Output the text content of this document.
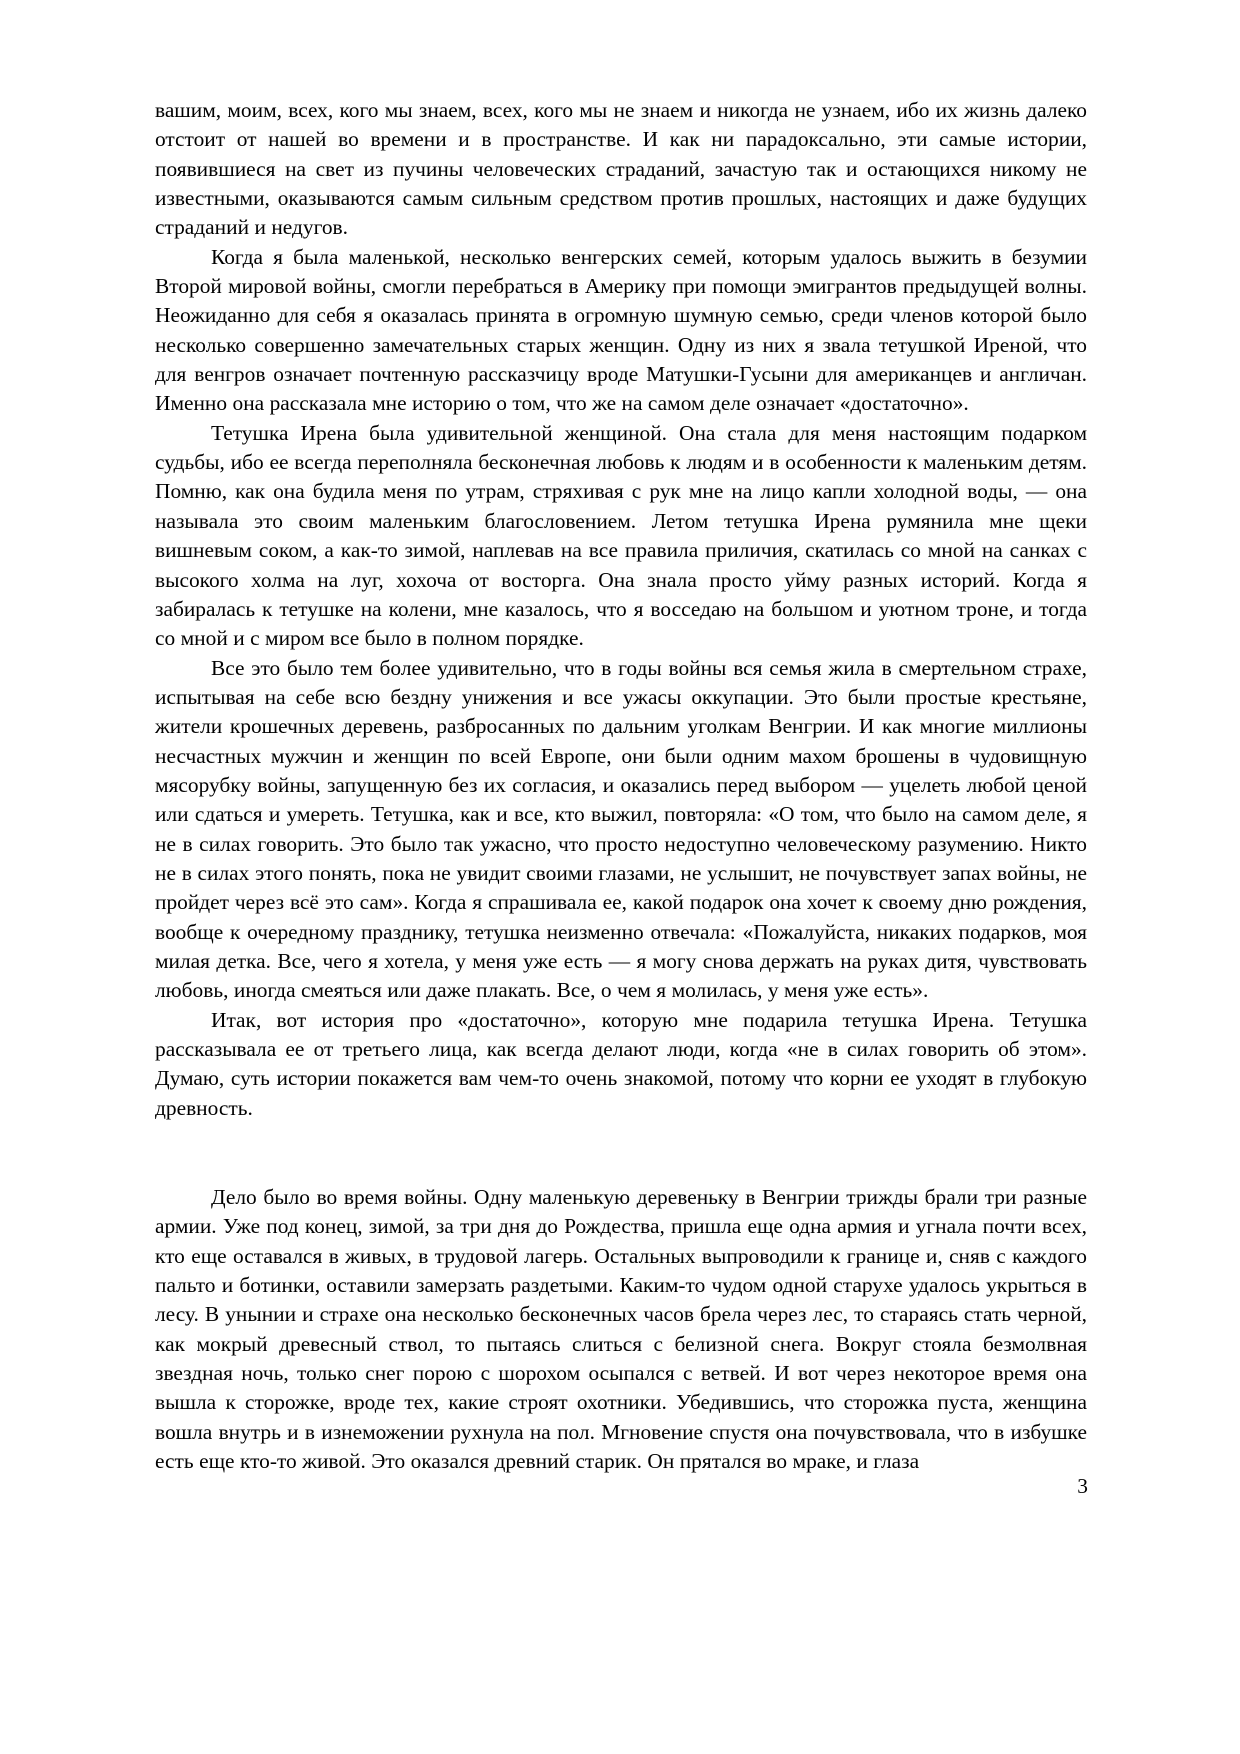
вашим, моим, всех, кого мы знаем, всех, кого мы не знаем и никогда не узнаем, ибо их жизнь далеко отстоит от нашей во времени и в пространстве. И как ни парадоксально, эти самые истории, появившиеся на свет из пучины человеческих страданий, зачастую так и остающихся никому не известными, оказываются самым сильным средством против прошлых, настоящих и даже будущих страданий и недугов.

Когда я была маленькой, несколько венгерских семей, которым удалось выжить в безумии Второй мировой войны, смогли перебраться в Америку при помощи эмигрантов предыдущей волны. Неожиданно для себя я оказалась принята в огромную шумную семью, среди членов которой было несколько совершенно замечательных старых женщин. Одну из них я звала тетушкой Иреной, что для венгров означает почтенную рассказчицу вроде Матушки-Гусыни для американцев и англичан. Именно она рассказала мне историю о том, что же на самом деле означает «достаточно».

Тетушка Ирена была удивительной женщиной. Она стала для меня настоящим подарком судьбы, ибо ее всегда переполняла бесконечная любовь к людям и в особенности к маленьким детям. Помню, как она будила меня по утрам, стряхивая с рук мне на лицо капли холодной воды, — она называла это своим маленьким благословением. Летом тетушка Ирена румянила мне щеки вишневым соком, а как-то зимой, наплевав на все правила приличия, скатилась со мной на санках с высокого холма на луг, хохоча от восторга. Она знала просто уйму разных историй. Когда я забиралась к тетушке на колени, мне казалось, что я восседаю на большом и уютном троне, и тогда со мной и с миром все было в полном порядке.

Все это было тем более удивительно, что в годы войны вся семья жила в смертельном страхе, испытывая на себе всю бездну унижения и все ужасы оккупации. Это были простые крестьяне, жители крошечных деревень, разбросанных по дальним уголкам Венгрии. И как многие миллионы несчастных мужчин и женщин по всей Европе, они были одним махом брошены в чудовищную мясорубку войны, запущенную без их согласия, и оказались перед выбором — уцелеть любой ценой или сдаться и умереть. Тетушка, как и все, кто выжил, повторяла: «О том, что было на самом деле, я не в силах говорить. Это было так ужасно, что просто недоступно человеческому разумению. Никто не в силах этого понять, пока не увидит своими глазами, не услышит, не почувствует запах войны, не пройдет через всё это сам». Когда я спрашивала ее, какой подарок она хочет к своему дню рождения, вообще к очередному празднику, тетушка неизменно отвечала: «Пожалуйста, никаких подарков, моя милая детка. Все, чего я хотела, у меня уже есть — я могу снова держать на руках дитя, чувствовать любовь, иногда смеяться или даже плакать. Все, о чем я молилась, у меня уже есть».

Итак, вот история про «достаточно», которую мне подарила тетушка Ирена. Тетушка рассказывала ее от третьего лица, как всегда делают люди, когда «не в силах говорить об этом». Думаю, суть истории покажется вам чем-то очень знакомой, потому что корни ее уходят в глубокую древность.

Дело было во время войны. Одну маленькую деревеньку в Венгрии трижды брали три разные армии. Уже под конец, зимой, за три дня до Рождества, пришла еще одна армия и угнала почти всех, кто еще оставался в живых, в трудовой лагерь. Остальных выпроводили к границе и, сняв с каждого пальто и ботинки, оставили замерзать раздетыми. Каким-то чудом одной старухе удалось укрыться в лесу. В унынии и страхе она несколько бесконечных часов брела через лес, то стараясь стать черной, как мокрый древесный ствол, то пытаясь слиться с белизной снега. Вокруг стояла безмолвная звездная ночь, только снег порою с шорохом осыпался с ветвей. И вот через некоторое время она вышла к сторожке, вроде тех, какие строят охотники. Убедившись, что сторожка пуста, женщина вошла внутрь и в изнеможении рухнула на пол. Мгновение спустя она почувствовала, что в избушке есть еще кто-то живой. Это оказался древний старик. Он прятался во мраке, и глаза

3
